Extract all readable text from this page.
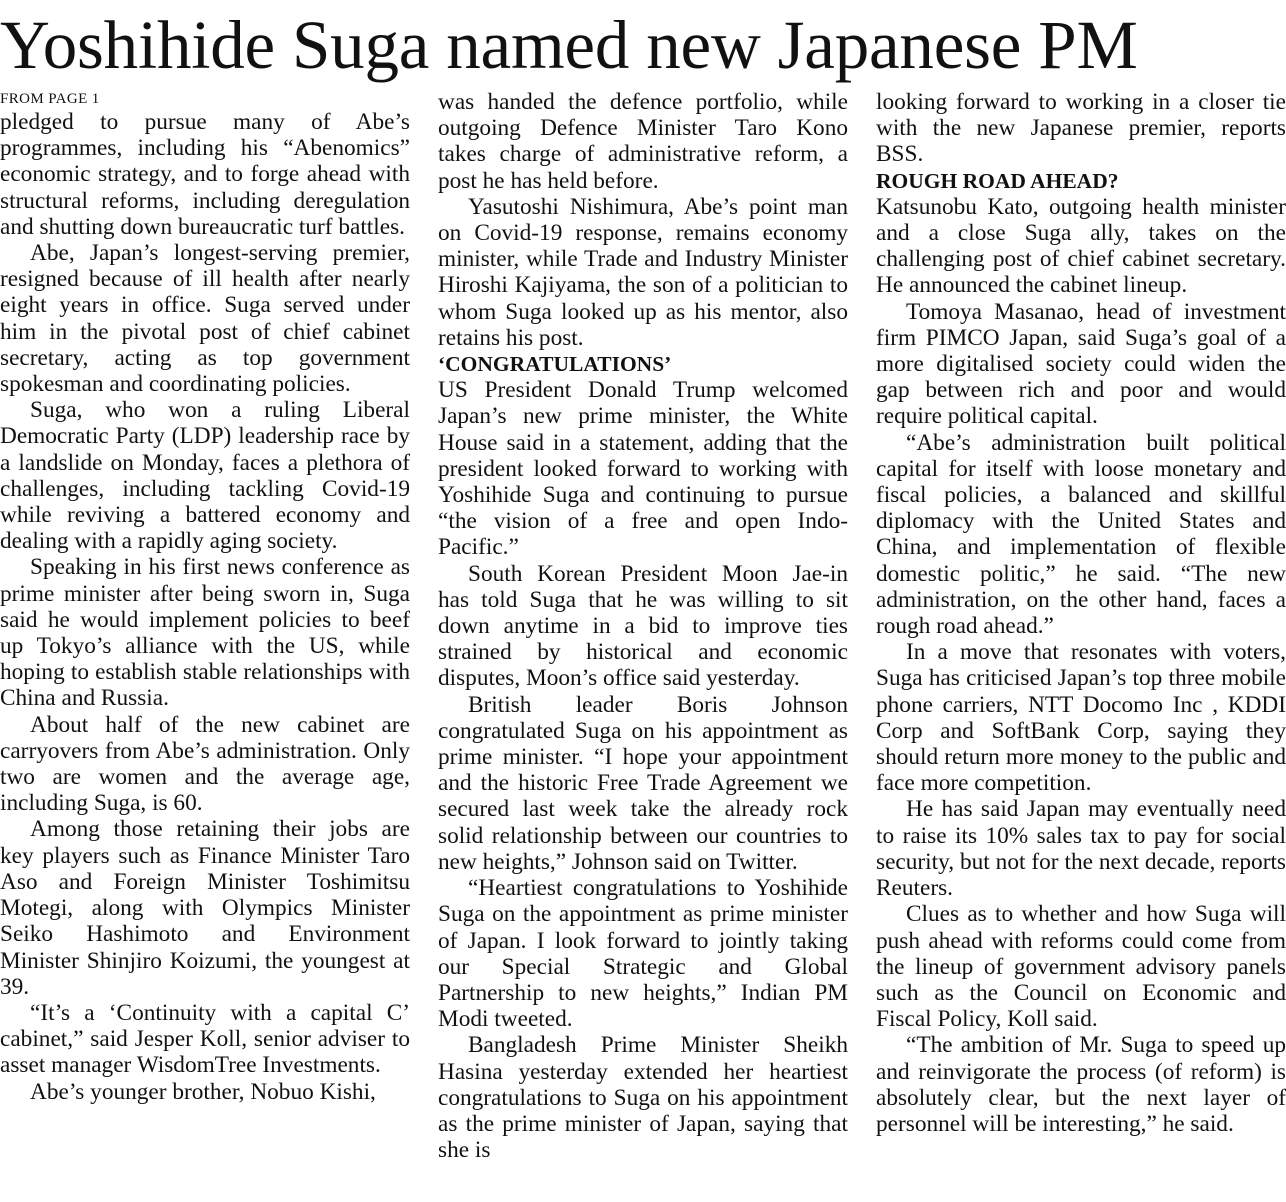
Yoshihide Suga named new Japanese PM
FROM PAGE 1

pledged to pursue many of Abe’s programmes, including his “Abenomics” economic strategy, and to forge ahead with structural reforms, including deregulation and shutting down bureaucratic turf battles.

Abe, Japan’s longest-serving premier, resigned because of ill health after nearly eight years in office. Suga served under him in the pivotal post of chief cabinet secretary, acting as top government spokesman and coordinating policies.

Suga, who won a ruling Liberal Democratic Party (LDP) leadership race by a landslide on Monday, faces a plethora of challenges, including tackling Covid-19 while reviving a battered economy and dealing with a rapidly aging society.

Speaking in his first news conference as prime minister after being sworn in, Suga said he would implement policies to beef up Tokyo’s alliance with the US, while hoping to establish stable relationships with China and Russia.

About half of the new cabinet are carryovers from Abe’s administration. Only two are women and the average age, including Suga, is 60.

Among those retaining their jobs are key players such as Finance Minister Taro Aso and Foreign Minister Toshimitsu Motegi, along with Olympics Minister Seiko Hashimoto and Environment Minister Shinjiro Koizumi, the youngest at 39.

“It’s a ‘Continuity with a capital C’ cabinet,” said Jesper Koll, senior adviser to asset manager WisdomTree Investments.

Abe’s younger brother, Nobuo Kishi,

was handed the defence portfolio, while outgoing Defence Minister Taro Kono takes charge of administrative reform, a post he has held before.

Yasutoshi Nishimura, Abe’s point man on Covid-19 response, remains economy minister, while Trade and Industry Minister Hiroshi Kajiyama, the son of a politician to whom Suga looked up as his mentor, also retains his post.

‘CONGRATULATIONS’

US President Donald Trump welcomed Japan’s new prime minister, the White House said in a statement, adding that the president looked forward to working with Yoshihide Suga and continuing to pursue “the vision of a free and open Indo-Pacific.”

South Korean President Moon Jae-in has told Suga that he was willing to sit down anytime in a bid to improve ties strained by historical and economic disputes, Moon’s office said yesterday.

British leader Boris Johnson congratulated Suga on his appointment as prime minister. “I hope your appointment and the historic Free Trade Agreement we secured last week take the already rock solid relationship between our countries to new heights,” Johnson said on Twitter.

“Heartiest congratulations to Yoshihide Suga on the appointment as prime minister of Japan. I look forward to jointly taking our Special Strategic and Global Partnership to new heights,” Indian PM Modi tweeted.

Bangladesh Prime Minister Sheikh Hasina yesterday extended her heartiest congratulations to Suga on his appointment as the prime minister of Japan, saying that she is

looking forward to working in a closer tie with the new Japanese premier, reports BSS.

ROUGH ROAD AHEAD?

Katsunobu Kato, outgoing health minister and a close Suga ally, takes on the challenging post of chief cabinet secretary. He announced the cabinet lineup.

Tomoya Masanao, head of investment firm PIMCO Japan, said Suga’s goal of a more digitalised society could widen the gap between rich and poor and would require political capital.

“Abe’s administration built political capital for itself with loose monetary and fiscal policies, a balanced and skillful diplomacy with the United States and China, and implementation of flexible domestic politic,” he said. “The new administration, on the other hand, faces a rough road ahead.”

In a move that resonates with voters, Suga has criticised Japan’s top three mobile phone carriers, NTT Docomo Inc , KDDI Corp and SoftBank Corp, saying they should return more money to the public and face more competition.

He has said Japan may eventually need to raise its 10% sales tax to pay for social security, but not for the next decade, reports Reuters.

Clues as to whether and how Suga will push ahead with reforms could come from the lineup of government advisory panels such as the Council on Economic and Fiscal Policy, Koll said.

“The ambition of Mr. Suga to speed up and reinvigorate the process (of reform) is absolutely clear, but the next layer of personnel will be interesting,” he said.
